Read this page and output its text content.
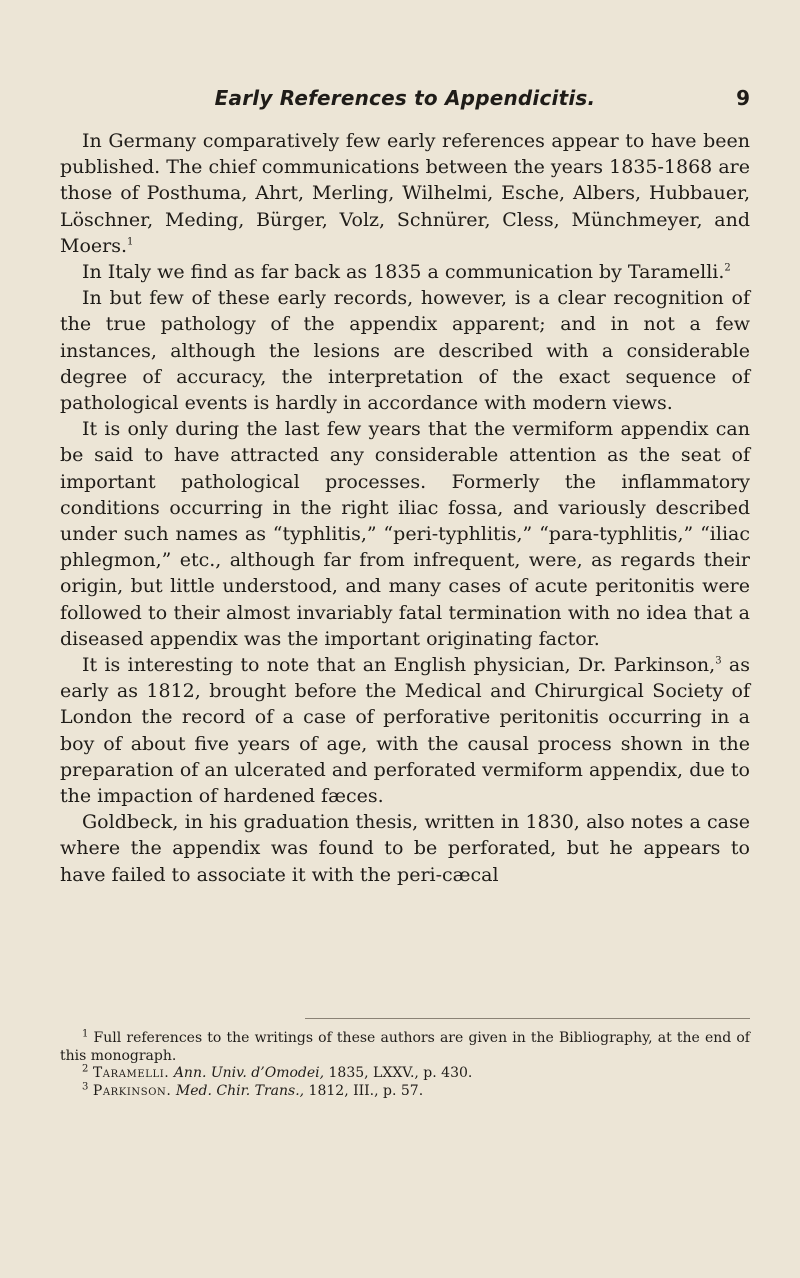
Early References to Appendicitis.	9

In Germany comparatively few early references appear to have been published. The chief communications between the years 1835-1868 are those of Posthuma, Ahrt, Merling, Wilhelmi, Esche, Albers, Hubbauer, Löschner, Meding, Bürger, Volz, Schnürer, Cless, Münchmeyer, and Moers.$^1$

In Italy we find as far back as 1835 a communication by Taramelli.$^2$

In but few of these early records, however, is a clear recognition of the true pathology of the appendix apparent; and in not a few instances, although the lesions are described with a considerable degree of accuracy, the interpretation of the exact sequence of pathological events is hardly in accordance with modern views.

It is only during the last few years that the vermiform appendix can be said to have attracted any considerable attention as the seat of important pathological processes. Formerly the inflammatory conditions occurring in the right iliac fossa, and variously described under such names as “typhlitis,” “peri-typhlitis,” “para-typhlitis,” “iliac phlegmon,” etc., although far from infrequent, were, as regards their origin, but little understood, and many cases of acute peritonitis were followed to their almost invariably fatal termination with no idea that a diseased appendix was the important originating factor.

It is interesting to note that an English physician, Dr. Parkinson,$^3$ as early as 1812, brought before the Medical and Chirurgical Society of London the record of a case of perforative peritonitis occurring in a boy of about five years of age, with the causal process shown in the preparation of an ulcerated and perforated vermiform appendix, due to the impaction of hardened fæces.

Goldbeck, in his graduation thesis, written in 1830, also notes a case where the appendix was found to be perforated, but he appears to have failed to associate it with the peri-cæcal

$^1$ Full references to the writings of these authors are given in the Bibliography, at the end of this monograph.

$^2$ Taramelli. Ann. Univ. d’Omodei, 1835, LXXV., p. 430.

$^3$ Parkinson. Med. Chir. Trans., 1812, III., p. 57.
